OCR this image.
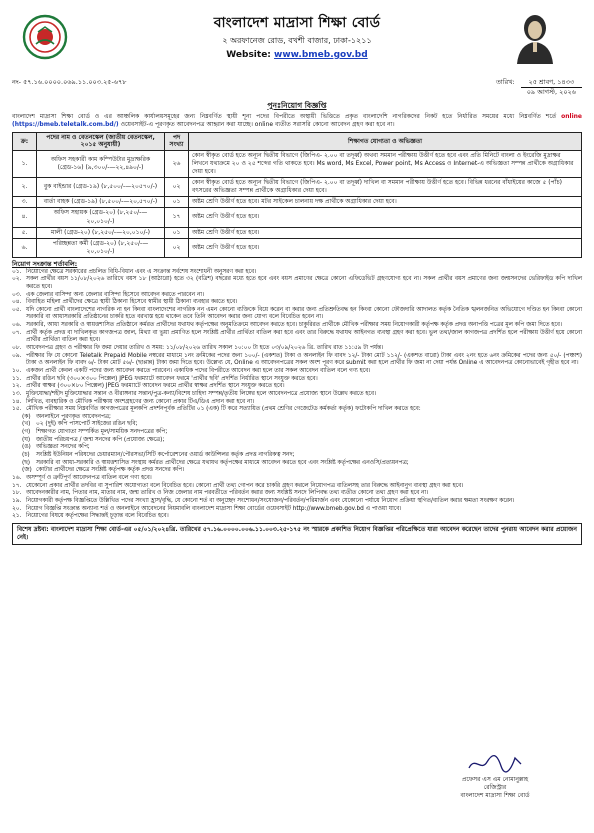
বাংলাদেশ মাদ্রাসা শিক্ষা বোর্ড
২ অরফানেজ রোড, বখশী বাজার, ঢাকা-১২১১
Website: www.bmeb.gov.bd
নং- ৫৭.১৬.০০০০.০৬৯.১১.০০৩.২৫-৬৭৮	তারিখ:	২৫ শ্রাবণ, ১৪৩৩
০৯ আগস্ট, ২০২৬
পুনঃনিয়োগ বিজ্ঞপ্তি
বাংলাদেশ মাদ্রাসা শিক্ষা বোর্ড ও এর আঞ্চলিক কার্যালয়সমূহের জন্য নিম্নবর্ণিত স্থায়ী শূন্য পদের বিপরীতে অস্থায়ী ভিত্তিতে প্রকৃত বাংলাদেশি নাগরিকদের নিকট হতে নির্ধারিত সময়ের মধ্যে নিম্নবর্ণিত শর্তে online (https://bmeb.teletalk.com.bd/) ওয়েবসাইট-এ পূরণকৃত আবেদনপত্র আহ্বান করা যাচ্ছে। online ব্যতীত সরাসরি কোনো আবেদন গ্রহণ করা হবে না।
ক্র:	পদের নাম ও বেতনস্কেল (জাতীয় বেতনস্কেল, ২০১৫ অনুযায়ী)	পদ সংখ্যা	শিক্ষাগত যোগ্যতা ও অভিজ্ঞতা
১.	অফিস সহকারী কাম কম্পিউটার মুদ্রাক্ষরিক (গ্রেড-১৬) (৯,৩০০/-—২২,৪৯০/-)	২৬	কোন স্বীকৃত বোর্ড হতে অন্যূন দ্বিতীয় বিভাগে (জিপিএ- ২.০০ বা তদূর্ধ্ব) অথবা সমমান পরীক্ষায় উত্তীর্ণ হতে হবে এবং প্রতি মিনিটে বাংলা ও ইংরেজি মুদ্রাক্ষর লিখনে যথাক্রমে ২০ ও ২৫ শব্দের গতি থাকতে হবে। Ms word, Ms Excel, Power point, Ms Access ও Internet-এ অভিজ্ঞতা সম্পন্ন প্রার্থীকে অগ্রাধিকার দেয়া হবে।
২.	বুক বাইন্ডার (গ্রেড-১৯) (৮,৫০০/-—২০৫৭০/-)	০২	কোন স্বীকৃত বোর্ড হতে অন্যূন দ্বিতীয় বিভাগে (জিপিএ- ২.০০ বা তদূর্ধ্ব) দাখিল বা সমমান পরীক্ষায় উত্তীর্ণ হতে হবে। বিভিন্ন ধরনের বাঁধাইয়ের কাজে ৫ (পাঁচ) বৎসরের অভিজ্ঞতা সম্পন্ন প্রার্থীকে অগ্রাধিকার দেয়া হবে।
৩.	বার্তা বাহক (গ্রেড-১৯) (৮,৫০০/-—২০,৫৭০/-)	০১	অষ্টম শ্রেণি উত্তীর্ণ হতে হবে। মটর সাইকেল চালনায় দক্ষ প্রার্থীকে অগ্রাধিকার দেয়া হবে।
৪.	অফিস সহায়ক (গ্রেড-২০) (৮,২৫০/-—২০,০১০/-)	১৭	অষ্টম শ্রেণি উত্তীর্ণ হতে হবে।
৫.	মালী (গ্রেড-২০) (৮,২৫০/-—২০,০১০/-)	০১	অষ্টম শ্রেণি উত্তীর্ণ হতে হবে।
৬.	পরিচ্ছন্নতা কর্মী (গ্রেড-২০) (৮,২৫০/-—২০,০১০/-)	০২	অষ্টম শ্রেণি উত্তীর্ণ হতে হবে।
নিয়োগ সংক্রান্ত শর্তাবলি:
০১. নিয়োগের ক্ষেত্রে সরকারের প্রচলিত বিধি-বিধান এবং এ সংক্রান্ত সর্বশেষ সংশোধনী অনুসরণ করা হবে।
০২. সকল প্রার্থীর বয়স ১১/০৮/২০২৬ তারিখে বয়স ১৮ (আঠারো) হতে ৩২ (বত্রিশ) বছরের মধ্যে হতে হবে এবং বয়স প্রমাণের ক্ষেত্রে কোনো এফিডেভিট গ্রহণযোগ্য হবে না। সকল প্রার্থীর বয়স প্রমাণের জন্য জন্মসনদের ভেরিফাইড কপি দাখিল করতে হবে।
০৩. এক জেলার বাসিন্দা অন্য জেলার বাসিন্দা হিসেবে আবেদন করতে পারবেন না।
০৪. বিবাহিত মহিলা প্রার্থীদের ক্ষেত্রে স্থায়ী ঠিকানা হিসেবে স্বামীর স্থায়ী ঠিকানা ব্যবহার করতে হবে।
০৫. যদি কোনো প্রার্থী বাংলাদেশের নাগরিক না হন কিংবা বাংলাদেশের নাগরিক নন এমন কোনো ব্যক্তিকে বিয়ে করেন বা করার জন্য প্রতিশ্রুতিবদ্ধ হন কিংবা কোনো ফৌজদারি আদালত কর্তৃক নৈতিক স্খলনজনিত অভিযোগে দণ্ডিত হন কিংবা কোনো সরকারি বা আধাসরকারি প্রতিষ্ঠানের চাকরি হতে বরখাস্ত হয়ে থাকেন তবে তিনি আবেদন করার জন্য যোগ্য বলে বিবেচিত হবেন না।
০৬. সরকারি, আধা সরকারি ও স্বায়ত্তশাসিত প্রতিষ্ঠানে কর্মরত প্রার্থীদের যথাযথ কর্তৃপক্ষের অনুমতিক্রমে আবেদন করতে হবে। চাকুরিরত প্রার্থীকে মৌখিক পরীক্ষার সময় নিয়োগকারী কর্তৃপক্ষ কর্তৃক প্রদত্ত অনাপত্তি পত্রের মূল কপি জমা দিতে হবে।
০৭. প্রার্থী কর্তৃক প্রদত্ত বা দাখিলকৃত কাগজপত্র জাল, মিথ্যা বা ভুয়া প্রমাণিত হলে সংশ্লিষ্ট প্রার্থীর প্রার্থিতা বাতিল করা হবে এবং তার বিরুদ্ধে যথাযথ আইনগত ব্যবস্থা গ্রহণ করা হবে। ভুল তথ্য/জাল কাগজপত্র প্রদর্শিত হলে পরীক্ষায় উত্তীর্ণ হয়ে কোনো প্রার্থীর প্রার্থিতা বাতিল করা হবে।
০৮. আবেদনপত্র গ্রহণ ও পরীক্ষার ফি জমা দেয়ার তারিখ ও সময়: ১১/০৮/২০২৬ তারিখ সকাল ১০:০০ টা হতে ০৩/০৯/২০২৬ খ্রি. তারিখ রাত ১১:৫৯ টা পর্যন্ত।
০৯. পরীক্ষার ফি যে কোনো Teletalk Prepaid Mobile নম্বরের মাধ্যমে ১নং ক্রমিকের পদের জন্য ১০০/- (একশত) টাকা ও অনলাইন ফি বাবদ ১২/- টাকা মোট ১১২/- (একশত বারো) টাকা এবং ২নং হতে ৬নং ক্রমিকের পদের জন্য ৫০/- (পঞ্চাশ) টাকা ও অনলাইন ফি বাবদ ৬/- টাকা মোট ৫৬/- (ছাপ্পান্ন) টাকা জমা দিতে হবে। উল্লেখ্য যে, Online এ আবেদনপত্রের সকল অংশ পূরণ করে submit করা হলে প্রার্থীর ফি জমা না দেয়া পর্যন্ত Online এ আবেদনপত্র কোনোভাবেই গৃহীত হবে না।
১০. একজন প্রার্থী কেবল একটি পদের জন্য আবেদন করতে পারবেন। একাধিক পদের বিপরীতে আবেদন করা হলে তার সকল আবেদন বাতিল বলে গণ্য হবে।
১১. প্রার্থীর রঙিন ছবি (৩০০×৩০০ পিক্সেল) JPEG ফরম্যাটে আবেদন ফরমে 'প্রার্থীর ছবি' প্রদর্শিত নির্ধারিত স্থানে সংযুক্ত করতে হবে।
১২. প্রার্থীর স্বাক্ষর (৩০০×৮০ পিক্সেল) JPEG ফরম্যাটে আবেদন ফরমে প্রার্থীর স্বাক্ষর প্রদর্শিত স্থানে সংযুক্ত করতে হবে।
১৩. মুক্তিযোদ্ধা/শহীদ মুক্তিযোদ্ধার সন্তান ও বীরাঙ্গনার সন্তান/পুত্র-কন্যা/বিশেষ চাহিদা সম্পন্ন/তৃতীয় লিঙ্গের হলে আবেদনপত্রে প্রযোজ্য স্থানে উল্লেখ করতে হবে।
১৪. লিখিত, ব্যবহারিক ও মৌখিক পরীক্ষায় অংশগ্রহণের জন্য কোনো প্রকার টিএ/ডিএ প্রদান করা হবে না।
১৫. মৌখিক পরীক্ষার সময় নিম্নবর্ণিত কাগজপত্রের মূলকপি প্রদর্শনপূর্বক প্রতিটির ০১ (এক) টি করে সত্যায়িত (প্রথম শ্রেণির গেজেটেড কর্মকর্তা কর্তৃক) ফটোকপি দাখিল করতে হবে:
(ক) অনলাইনে পূরণকৃত আবেদনপত্র;
(খ) ০২ (দুই) কপি পাসপোর্ট সাইজের রঙিন ছবি;
(গ) শিক্ষাগত যোগ্যতা সম্পর্কিত মূল/সাময়িক সনদপত্রের কপি;
(ঘ)	জাতীয় পরিচয়পত্র / জন্ম সনদের কপি (প্রযোজ্য ক্ষেত্রে);
(ঙ) অভিজ্ঞতা সনদের কপি;
(চ)	সংশ্লিষ্ট ইউনিয়ন পরিষদের চেয়ারম্যান/পৌরসভা/সিটি কর্পোরেশনের ওয়ার্ড কাউন্সিলর কর্তৃক প্রদত্ত নাগরিকত্ব সনদ;
(ছ)	সরকারি বা আধা-সরকারি ও স্বায়ত্তশাসিত সংস্থায় কর্মরত প্রার্থীদের ক্ষেত্রে যথাযথ কর্তৃপক্ষের মাধ্যমে আবেদন করতে হবে এবং সংশ্লিষ্ট কর্তৃপক্ষের এনওসি/প্রত্যয়নপত্র;
(জ) কোটার প্রার্থীদের ক্ষেত্রে সংশ্লিষ্ট কর্তৃপক্ষ কর্তৃক প্রদত্ত সনদের কপি।
১৬. অসম্পূর্ণ ও ত্রুটিপূর্ণ আবেদনপত্র বাতিল বলে গণ্য হবে।
১৭. যেকোনো প্রকার প্রার্থীর তদবির বা সুপারিশ অযোগ্যতা বলে বিবেচিত হবে। কোনো প্রার্থী তথ্য গোপন করে চাকরি গ্রহণ করলে নিয়োগপত্র বাতিলসহ তার বিরুদ্ধে আইনানুগ ব্যবস্থা গ্রহণ করা হবে।
১৮. আবেদনকারীর নাম, পিতার নাম, মাতার নাম, জন্ম তারিখ ও নিজ জেলার নাম পরবর্তীতে পরিবর্তন করার জন্য সংশ্লিষ্ট সনদে লিপিবদ্ধ তথ্য ব্যতীত কোনো তথ্য গ্রহণ করা হবে না।
১৯. নিয়োগকারী কর্তৃপক্ষ বিজ্ঞপ্তিতে উল্লিখিত পদের সংখ্যা হ্রাস/বৃদ্ধি, যে কোনো শর্ত বা অনুচ্ছেদ সংশোধন/সংযোজন/পরিবর্তন/পরিমার্জন এবং যেকোনো পর্যায়ে নিয়োগ প্রক্রিয়া স্থগিত/বাতিল করার ক্ষমতা সংরক্ষণ করেন।
২০. নিয়োগ বিজ্ঞপ্তি সংক্রান্ত অন্যান্য শর্ত ও অনলাইনে আবেদনের নিয়মাবলি বাংলাদেশ মাদ্রাসা শিক্ষা বোর্ডের ওয়েবসাইট http://www.bmeb.gov.bd এ পাওয়া যাবে।
২১. নিয়োগের বিষয়ে কর্তৃপক্ষের সিদ্ধান্তই চূড়ান্ত বলে বিবেচিত হবে।
বিশেষ দ্রষ্টব্য: বাংলাদেশ মাদ্রাসা শিক্ষা বোর্ড-এর ০৫/০১/২০২৪খ্রি. তারিখের ৫৭.১৬.০০০০.০০৬.১১.০০৩.২৫-১৭৫ নং স্মারকে প্রকাশিত নিয়োগ বিজ্ঞপ্তির পরিপ্রেক্ষিতে যারা আবেদন করেছেন তাদের পুনরায় আবেদন করার প্রয়োজন নেই।
প্রফেসর এস এম নোমানুল্লাহ
রেজিস্ট্রার
বাংলাদেশ মাদ্রাসা শিক্ষা বোর্ড
